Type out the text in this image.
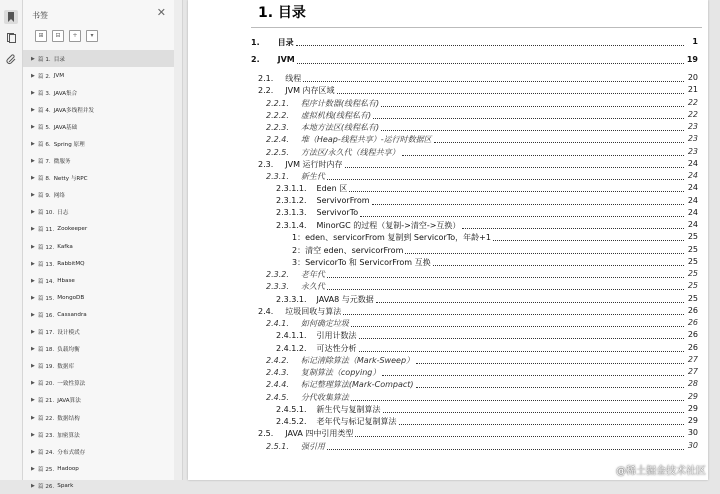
书签	✕
⊞	⊟	+	▾
▶ 篇 1. 目录
▶ 篇 2. JVM
▶ 篇 3. JAVA集合
▶ 篇 4. JAVA多线程并发
▶ 篇 5. JAVA基础
▶ 篇 6. Spring 原理
▶ 篇 7. 微服务
▶ 篇 8. Netty 与RPC
▶ 篇 9. 网络
▶ 篇 10. 日志
▶ 篇 11. Zookeeper
▶ 篇 12. Kafka
▶ 篇 13. RabbitMQ
▶ 篇 14. Hbase
▶ 篇 15. MongoDB
▶ 篇 16. Cassandra
▶ 篇 17. 设计模式
▶ 篇 18. 负载均衡
▶ 篇 19. 数据库
▶ 篇 20. 一致性算法
▶ 篇 21. JAVA算法
▶ 篇 22. 数据结构
▶ 篇 23. 加密算法
▶ 篇 24. 分布式缓存
▶ 篇 25. Hadoop
▶ 篇 26. Spark
1. 目录
1. 目录	1
2. JVM	19
2.1. 线程	20
2.2. JVM 内存区域	21
2.2.1. 程序计数器(线程私有)	22
2.2.2. 虚拟机栈(线程私有)	22
2.2.3. 本地方法区(线程私有)	23
2.2.4. 堆（Heap-线程共享）-运行时数据区	23
2.2.5. 方法区/永久代（线程共享）	23
2.3. JVM 运行时内存	24
2.3.1. 新生代	24
2.3.1.1. Eden 区	24
2.3.1.2. ServivorFrom	24
2.3.1.3. ServivorTo	24
2.3.1.4. MinorGC 的过程（复制->清空->互换）	24
1：eden、servicorFrom 复制到 ServicorTo，年龄+1	25
2：清空 eden、servicorFrom	25
3：ServicorTo 和 ServicorFrom 互换	25
2.3.2. 老年代	25
2.3.3. 永久代	25
2.3.3.1. JAVA8 与元数据	25
2.4. 垃圾回收与算法	26
2.4.1. 如何确定垃圾	26
2.4.1.1. 引用计数法	26
2.4.1.2. 可达性分析	26
2.4.2. 标记清除算法（Mark-Sweep）	27
2.4.3. 复制算法（copying）	27
2.4.4. 标记整理算法(Mark-Compact)	28
2.4.5. 分代收集算法	29
2.4.5.1. 新生代与复制算法	29
2.4.5.2. 老年代与标记复制算法	29
2.5. JAVA 四中引用类型	30
2.5.1. 强引用	30
@稀土掘金技术社区
